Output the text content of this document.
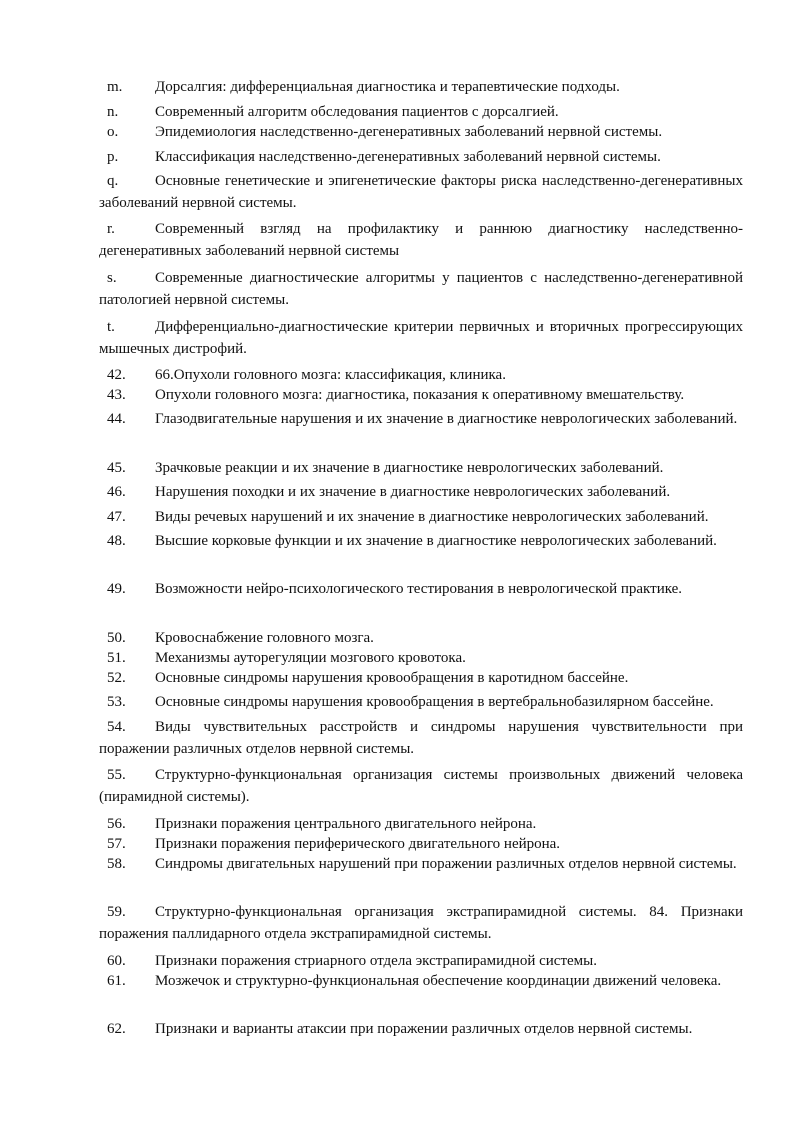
m. Дорсалгия: дифференциальная диагностика и терапевтические подходы.

n. Современный алгоритм обследования пациентов с дорсалгией.

o. Эпидемиология наследственно-дегенеративных заболеваний нервной системы.

p. Классификация наследственно-дегенеративных заболеваний нервной системы.

q. Основные генетические и эпигенетические факторы риска наследственно-дегенеративных заболеваний нервной системы.

r.	Современный взгляд на профилактику и раннюю диагностику наследственно-дегенеративных заболеваний нервной системы

s.	Современные диагностические алгоритмы у пациентов с наследственно-дегенеративной патологией нервной системы.

t.	Дифференциально-диагностические критерии первичных и вторичных прогрессирующих мышечных дистрофий.

42. 66.Опухоли головного мозга: классификация, клиника.

43. Опухоли головного мозга: диагностика, показания к оперативному вмешательству.

44. Глазодвигательные нарушения и их значение в диагностике неврологических заболеваний.

45. Зрачковые реакции и их значение в диагностике неврологических заболеваний.

46. Нарушения походки и их значение в диагностике неврологических заболеваний.

47. Виды речевых нарушений и их значение в диагностике неврологических заболеваний.

48. Высшие корковые функции и их значение в диагностике неврологических заболеваний.

49. Возможности нейро-психологического тестирования в неврологической практике.

50. Кровоснабжение головного мозга.

51. Механизмы ауторегуляции мозгового кровотока.

52. Основные синдромы нарушения кровообращения в каротидном бассейне.

53. Основные синдромы нарушения кровообращения в вертебральнобазилярном бассейне.

54. Виды чувствительных расстройств и синдромы нарушения чувствительности при поражении различных отделов нервной системы.

55. Структурно-функциональная организация системы произвольных движений человека (пирамидной системы).

56. Признаки поражения центрального двигательного нейрона.

57. Признаки поражения периферического двигательного нейрона.

58. Синдромы двигательных нарушений при поражении различных отделов нервной системы.

59. Структурно-функциональная организация экстрапирамидной системы. 84. Признаки поражения паллидарного отдела экстрапирамидной системы.

60. Признаки поражения стриарного отдела экстрапирамидной системы.

61. Мозжечок и структурно-функциональная обеспечение координации движений человека.

62. Признаки и варианты атаксии при поражении различных отделов нервной системы.
